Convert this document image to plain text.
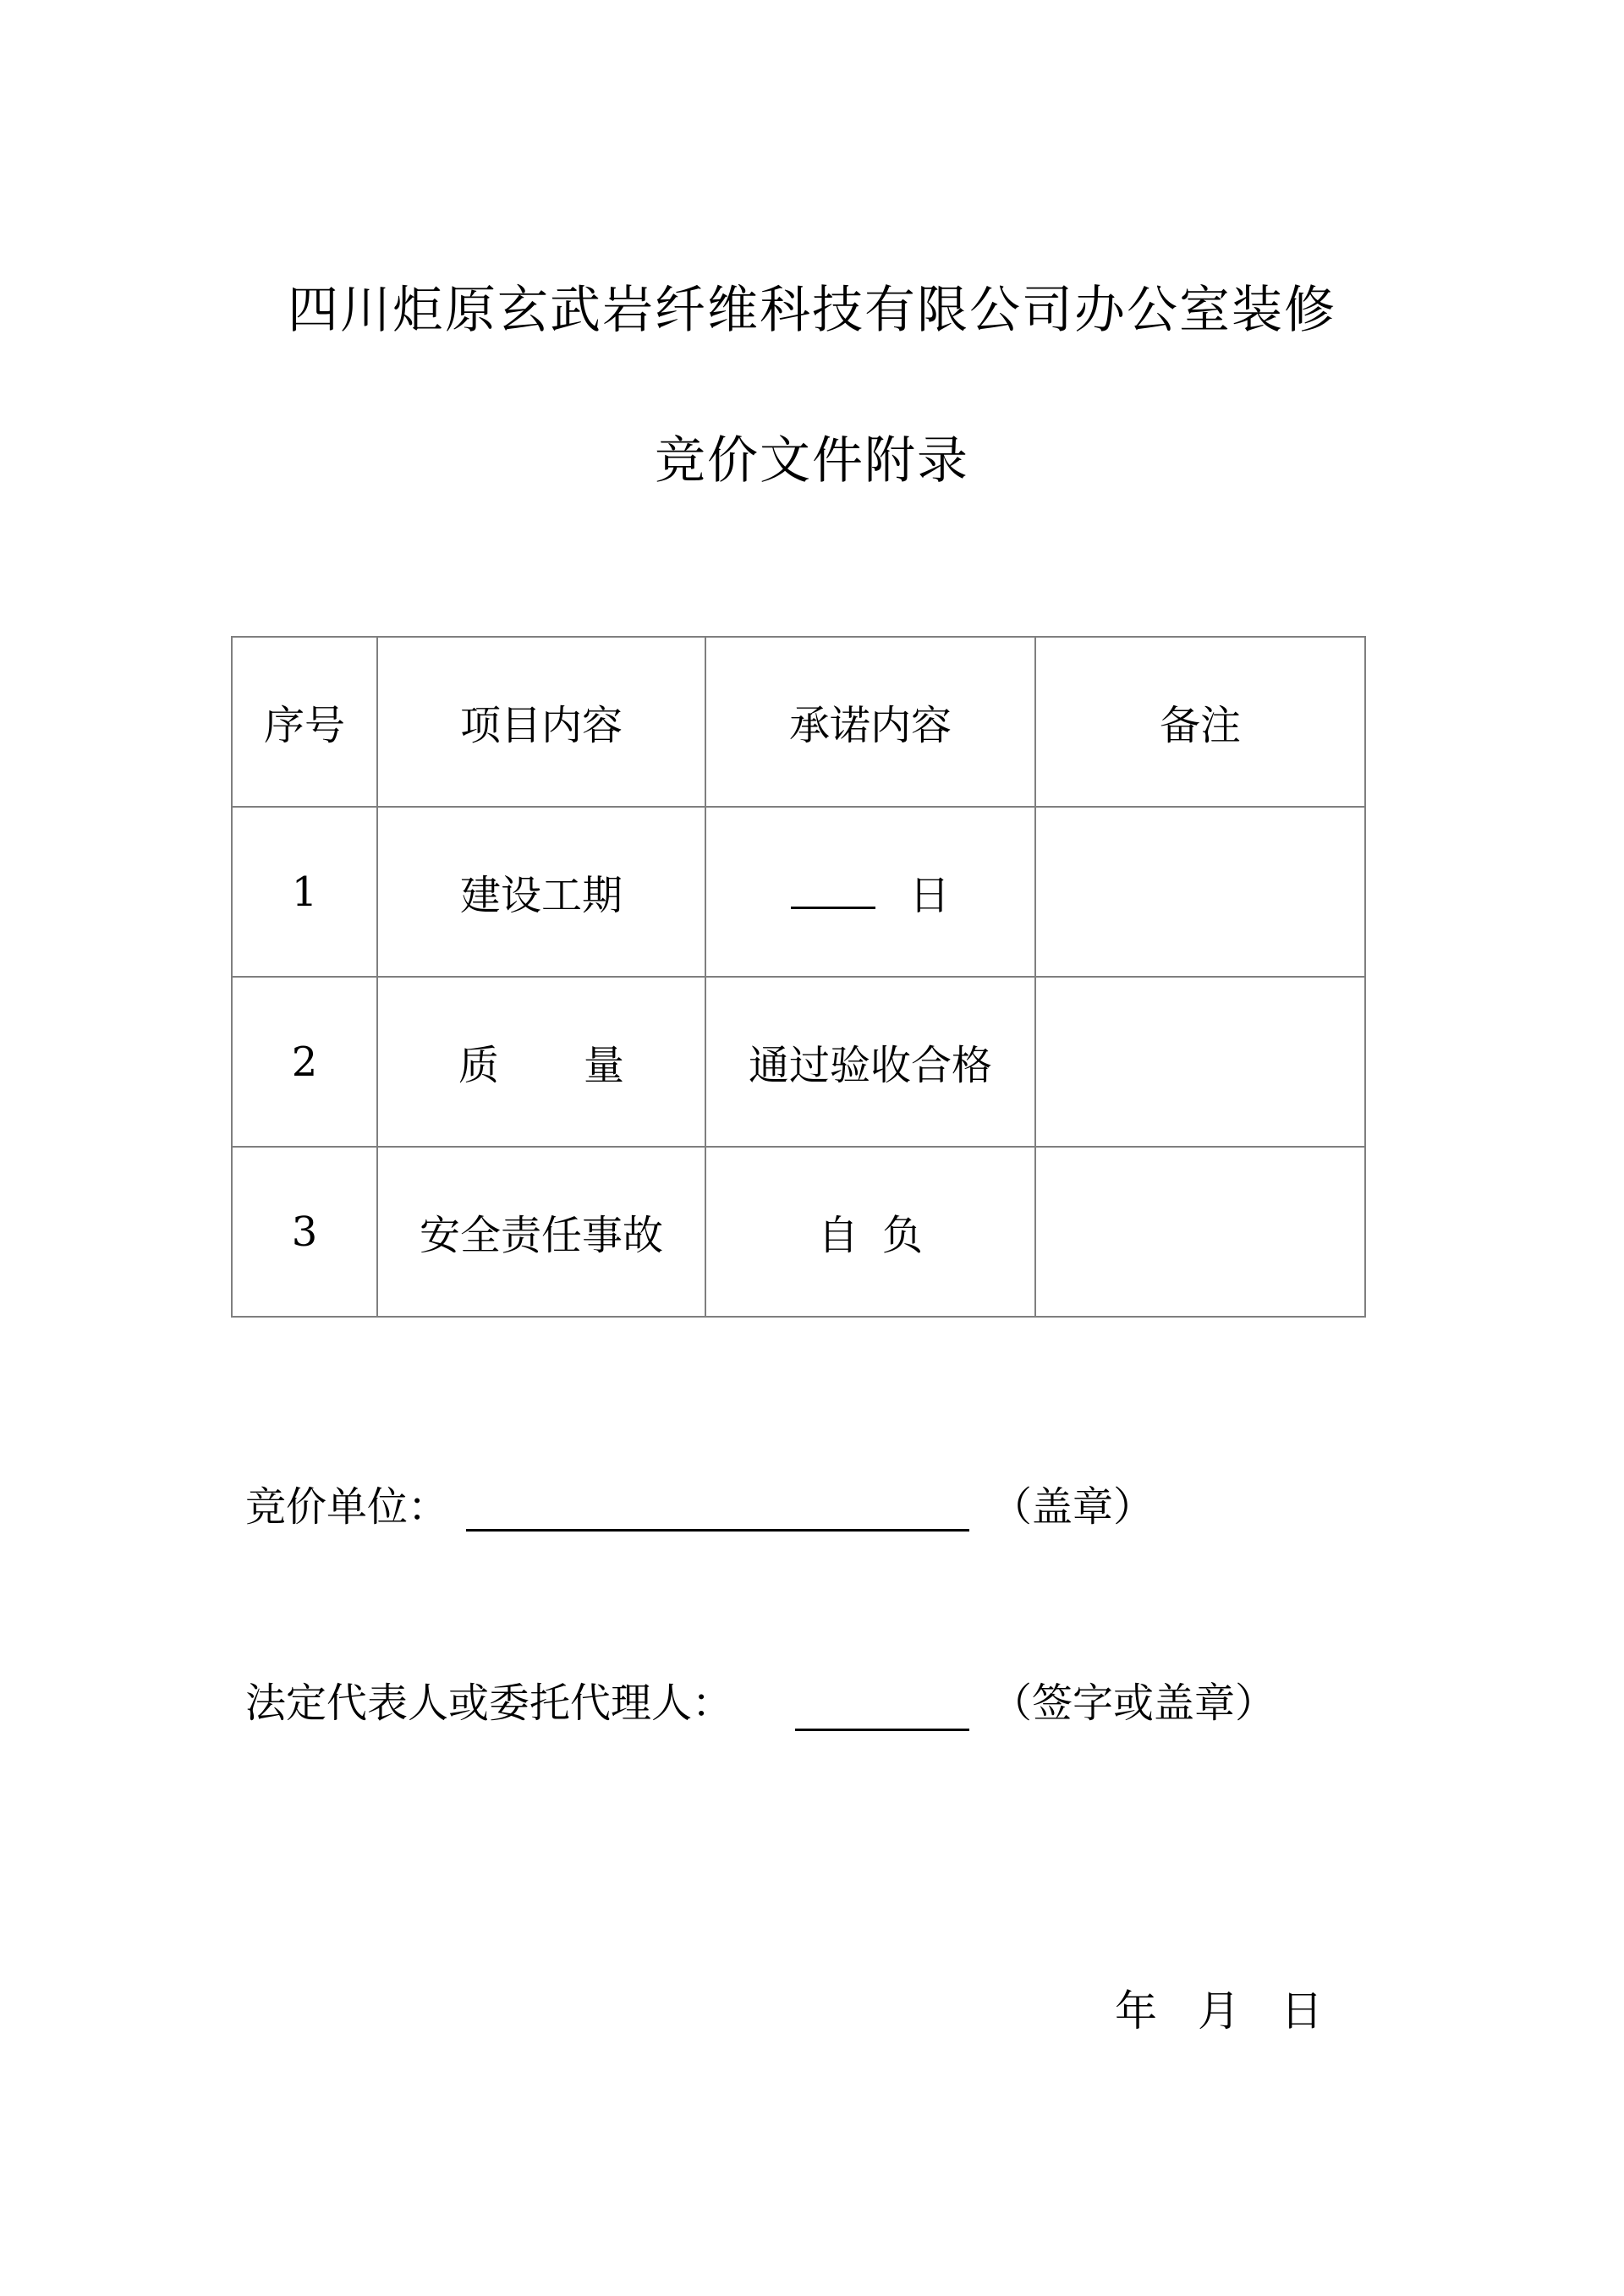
四川炬原玄武岩纤维科技有限公司办公室装修
竞价文件附录
序号	项目内容	承诺内容	备注
1	建设工期	日	
2	质 量	通过验收合格	
3	安全责任事故	自 负	
竞价单位：	（盖章）
法定代表人或委托代理人：	（签字或盖章）
年 月 日
